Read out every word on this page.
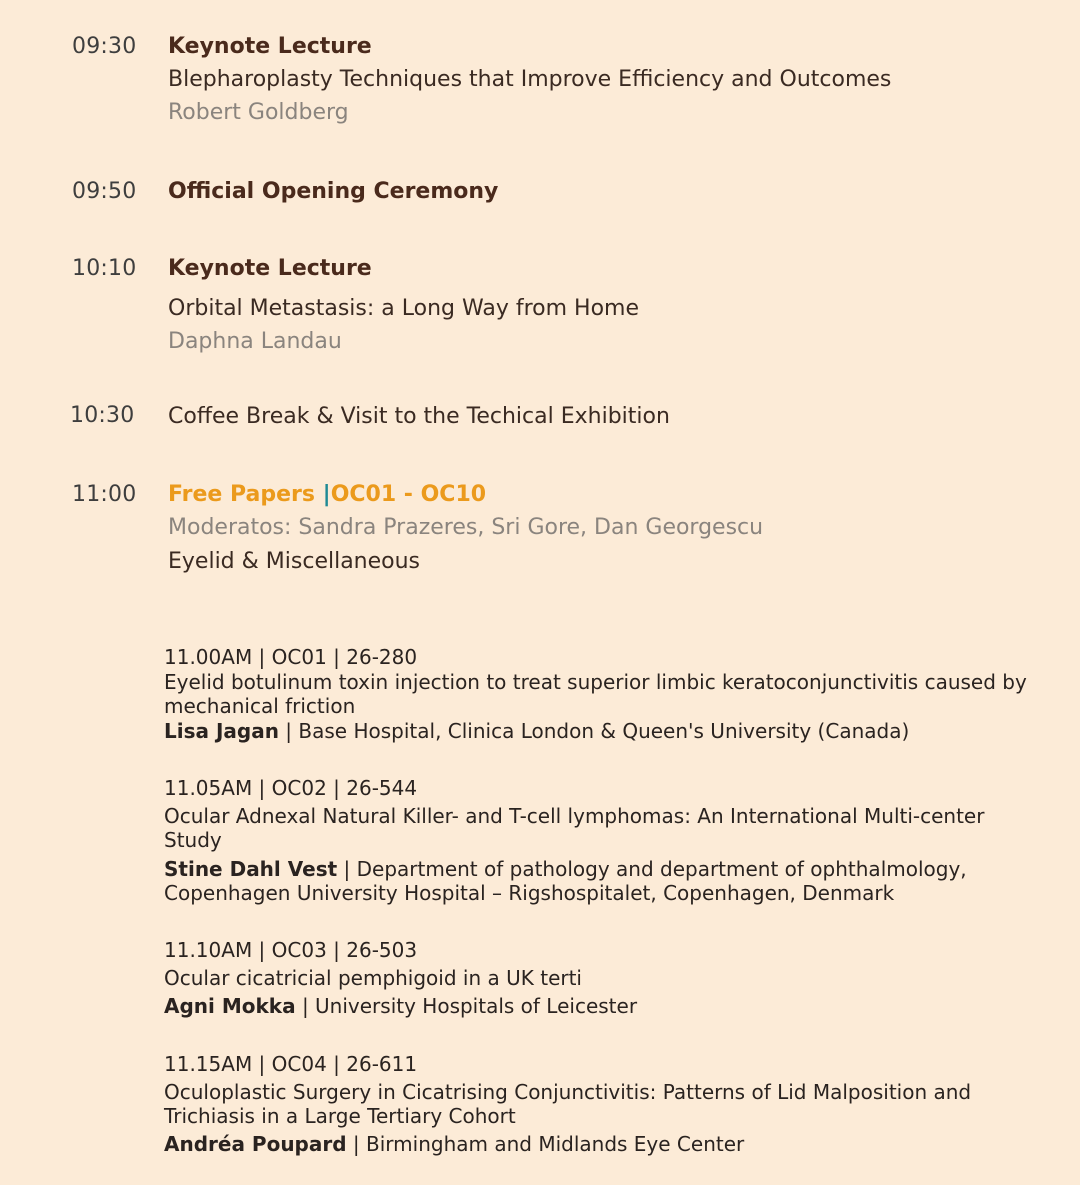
09:30 Keynote Lecture
Blepharoplasty Techniques that Improve Efficiency and Outcomes
Robert Goldberg
09:50 Official Opening Ceremony
10:10 Keynote Lecture
Orbital Metastasis: a Long Way from Home
Daphna Landau
10:30 Coffee Break & Visit to the Techical Exhibition
11:00 Free Papers |OC01 - OC10
Moderatos: Sandra Prazeres, Sri Gore, Dan Georgescu
Eyelid & Miscellaneous
11.00AM | OC01 | 26-280
Eyelid botulinum toxin injection to treat superior limbic keratoconjunctivitis caused by mechanical friction
Lisa Jagan | Base Hospital, Clinica London & Queen's University (Canada)
11.05AM | OC02 | 26-544
Ocular Adnexal Natural Killer- and T-cell lymphomas: An International Multi-center Study
Stine Dahl Vest | Department of pathology and department of ophthalmology, Copenhagen University Hospital – Rigshospitalet, Copenhagen, Denmark
11.10AM | OC03 | 26-503
Ocular cicatricial pemphigoid in a UK terti
Agni Mokka | University Hospitals of Leicester
11.15AM | OC04 | 26-611
Oculoplastic Surgery in Cicatrising Conjunctivitis: Patterns of Lid Malposition and Trichiasis in a Large Tertiary Cohort
Andréa Poupard | Birmingham and Midlands Eye Center
